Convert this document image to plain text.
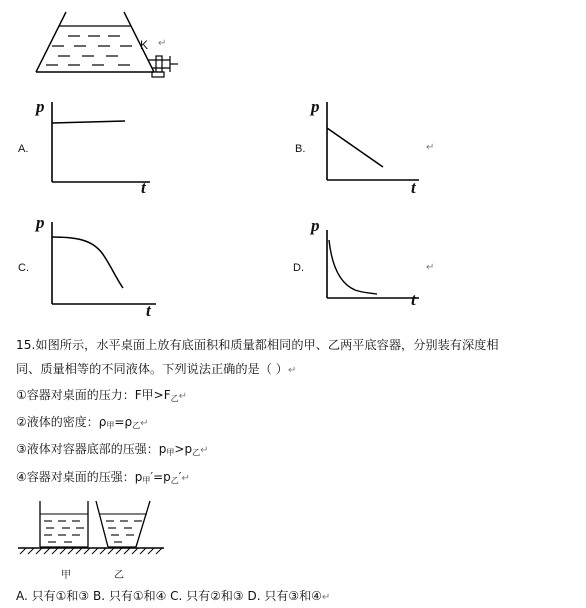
K ↵
A.
p
t
B.
p
t
↵
C.
p
t
D.
p
t
↵
15.如图所示，水平桌面上放有底面积和质量都相同的甲、乙两平底容器，分别装有深度相
同、质量相等的不同液体。下列说法正确的是（ ）↵
①容器对桌面的压力：F甲$>F_乙↵$
②液体的密度：$\rho_甲=\rho_乙↵$
③液体对容器底部的压强：$p_甲>p_乙↵$
④容器对桌面的压强：$p_甲'=p_乙'↵$
甲	乙
A. 只有①和③ B. 只有①和④ C. 只有②和③ D. 只有③和④↵
